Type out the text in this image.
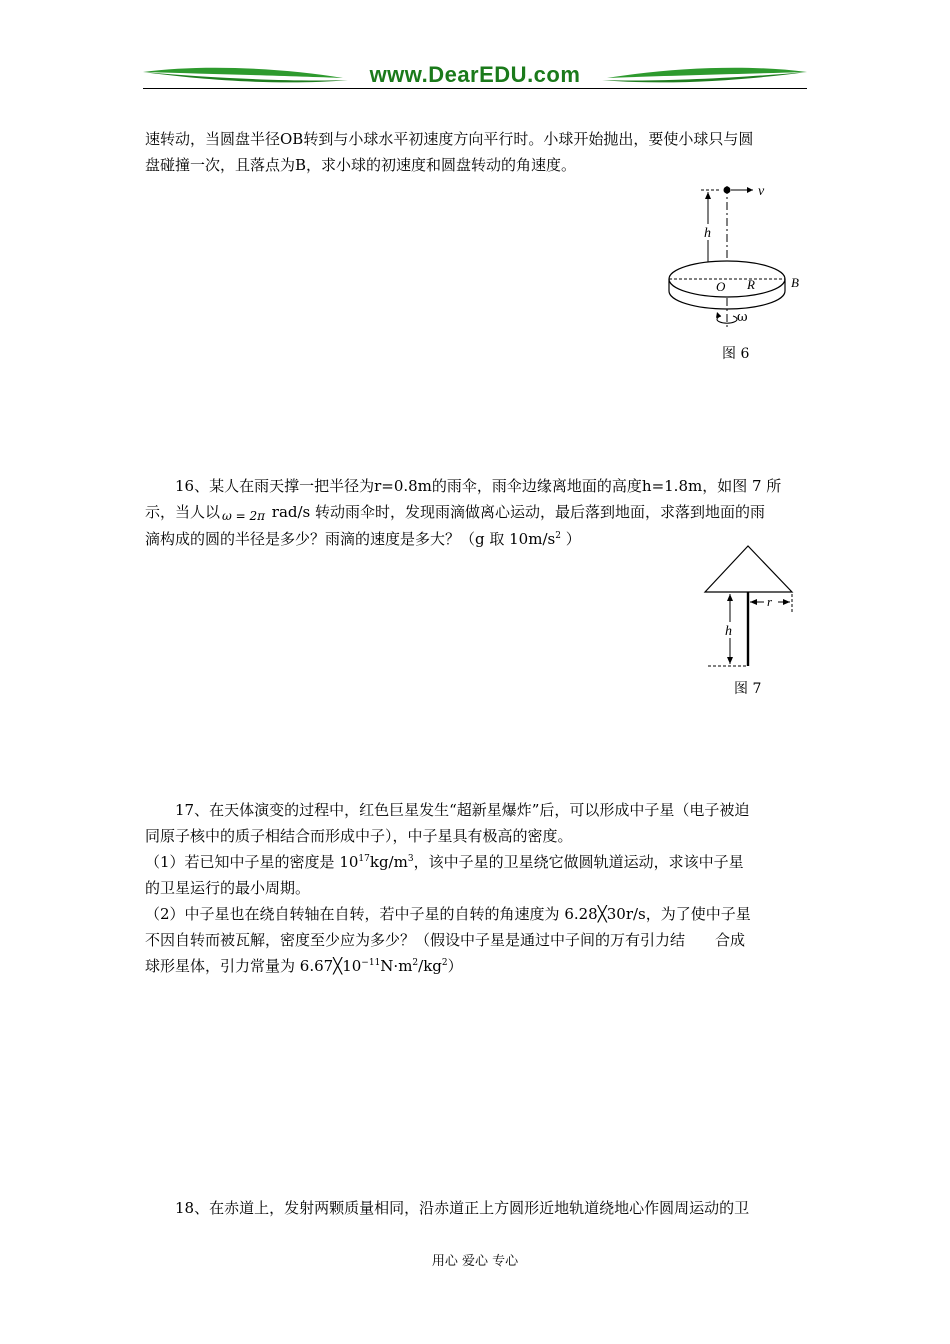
www.DearEDU.com

速转动，当圆盘半径OB转到与小球水平初速度方向平行时。小球开始抛出，要使小球只与圆
盘碰撞一次，且落点为B，求小球的初速度和圆盘转动的角速度。

v
h
O R	B
ω
图 6

16、某人在雨天撑一把半径为r=0.8m的雨伞，雨伞边缘离地面的高度h=1.8m，如图 7 所
示，当人以 $_{\omega = 2\pi}$ rad/s 转动雨伞时，发现雨滴做离心运动，最后落到地面，求落到地面的雨
滴构成的圆的半径是多少？雨滴的速度是多大？（g 取 $10m/s^2$ ）

h
r
图 7

17、在天体演变的过程中，红色巨星发生“超新星爆炸”后，可以形成中子星（电子被迫
同原子核中的质子相结合而形成中子），中子星具有极高的密度。
（1）若已知中子星的密度是 $10^{17}kg/m^3$，该中子星的卫星绕它做圆轨道运动，求该中子星
的卫星运行的最小周期。
（2）中子星也在绕自转轴在自转，若中子星的自转的角速度为 6.28╳30r/s，为了使中子星
不因自转而被瓦解，密度至少应为多少？（假设中子星是通过中子间的万有引力结　　合成
球形星体，引力常量为 $6.67╳10^{-11}N\cdot m^2/kg^2$）

18、在赤道上，发射两颗质量相同，沿赤道正上方圆形近地轨道绕地心作圆周运动的卫

用心 爱心 专心
